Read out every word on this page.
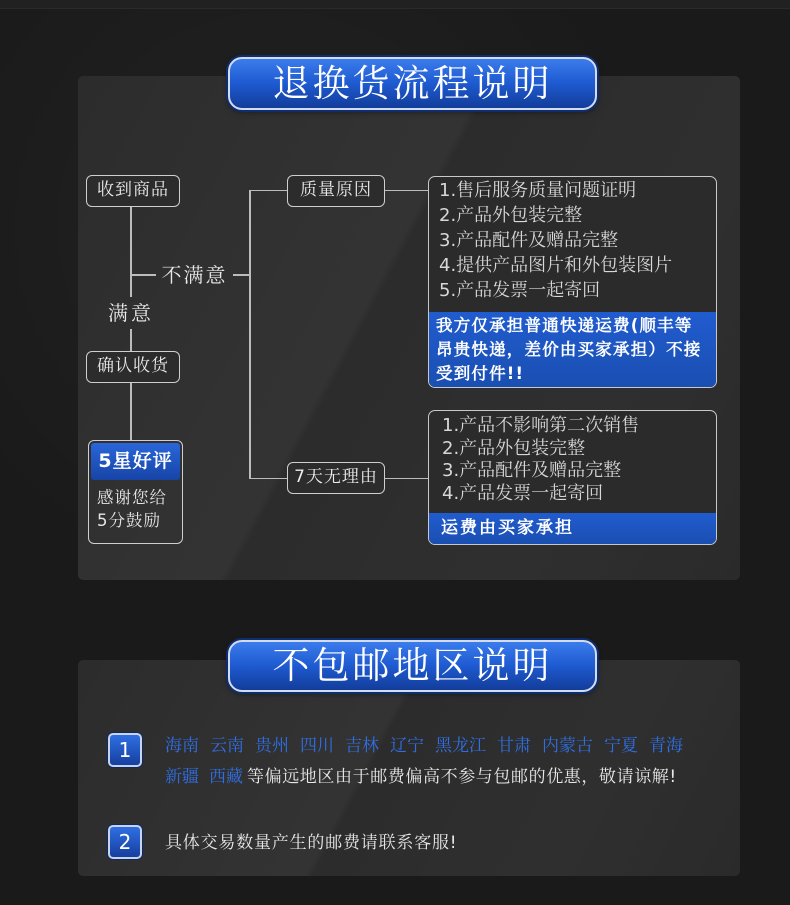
退换货流程说明
收到商品
不满意
满意
确认收货
5星好评
感谢您给
5分鼓励
质量原因
7天无理由
1.售后服务质量问题证明
2.产品外包装完整
3.产品配件及赠品完整
4.提供产品图片和外包装图片
5.产品发票一起寄回
我方仅承担普通快递运费(顺丰等
昂贵快递，差价由买家承担）不接
受到付件!!
1.产品不影响第二次销售
2.产品外包装完整
3.产品配件及赠品完整
4.产品发票一起寄回
运费由买家承担
不包邮地区说明
1	海南 云南 贵州 四川 吉林 辽宁 黑龙江 甘肃 内蒙古 宁夏 青海
新疆 西藏 等偏远地区由于邮费偏高不参与包邮的优惠，敬请谅解!
2	具体交易数量产生的邮费请联系客服!
